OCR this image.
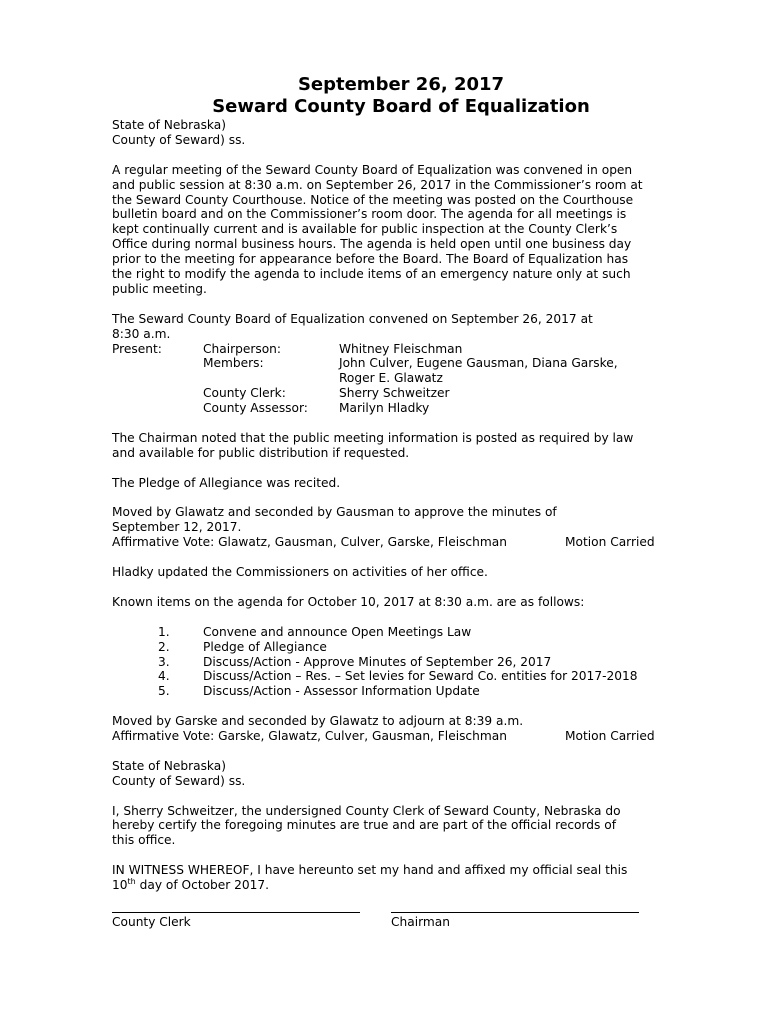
September 26, 2017
Seward County Board of Equalization

State of Nebraska)
County of Seward) ss.

A regular meeting of the Seward County Board of Equalization was convened in open
and public session at 8:30 a.m. on September 26, 2017 in the Commissioner’s room at
the Seward County Courthouse. Notice of the meeting was posted on the Courthouse
bulletin board and on the Commissioner’s room door. The agenda for all meetings is
kept continually current and is available for public inspection at the County Clerk’s
Office during normal business hours. The agenda is held open until one business day
prior to the meeting for appearance before the Board. The Board of Equalization has
the right to modify the agenda to include items of an emergency nature only at such
public meeting.

The Seward County Board of Equalization convened on September 26, 2017 at
8:30 a.m.

Present:	Chairperson:	Whitney Fleischman
Members:	John Culver, Eugene Gausman, Diana Garske,
Roger E. Glawatz
County Clerk:	Sherry Schweitzer
County Assessor:	Marilyn Hladky

The Chairman noted that the public meeting information is posted as required by law
and available for public distribution if requested.

The Pledge of Allegiance was recited.

Moved by Glawatz and seconded by Gausman to approve the minutes of
September 12, 2017.
Affirmative Vote: Glawatz, Gausman, Culver, Garske, Fleischman	Motion Carried

Hladky updated the Commissioners on activities of her office.

Known items on the agenda for October 10, 2017 at 8:30 a.m. are as follows:

1.	Convene and announce Open Meetings Law
2.	Pledge of Allegiance
3.	Discuss/Action - Approve Minutes of September 26, 2017
4.	Discuss/Action – Res. – Set levies for Seward Co. entities for 2017-2018
5.	Discuss/Action - Assessor Information Update

Moved by Garske and seconded by Glawatz to adjourn at 8:39 a.m.
Affirmative Vote: Garske, Glawatz, Culver, Gausman, Fleischman	Motion Carried

State of Nebraska)
County of Seward) ss.

I, Sherry Schweitzer, the undersigned County Clerk of Seward County, Nebraska do
hereby certify the foregoing minutes are true and are part of the official records of
this office.

IN WITNESS WHEREOF, I have hereunto set my hand and affixed my official seal this
10th day of October 2017.

County Clerk	Chairman
